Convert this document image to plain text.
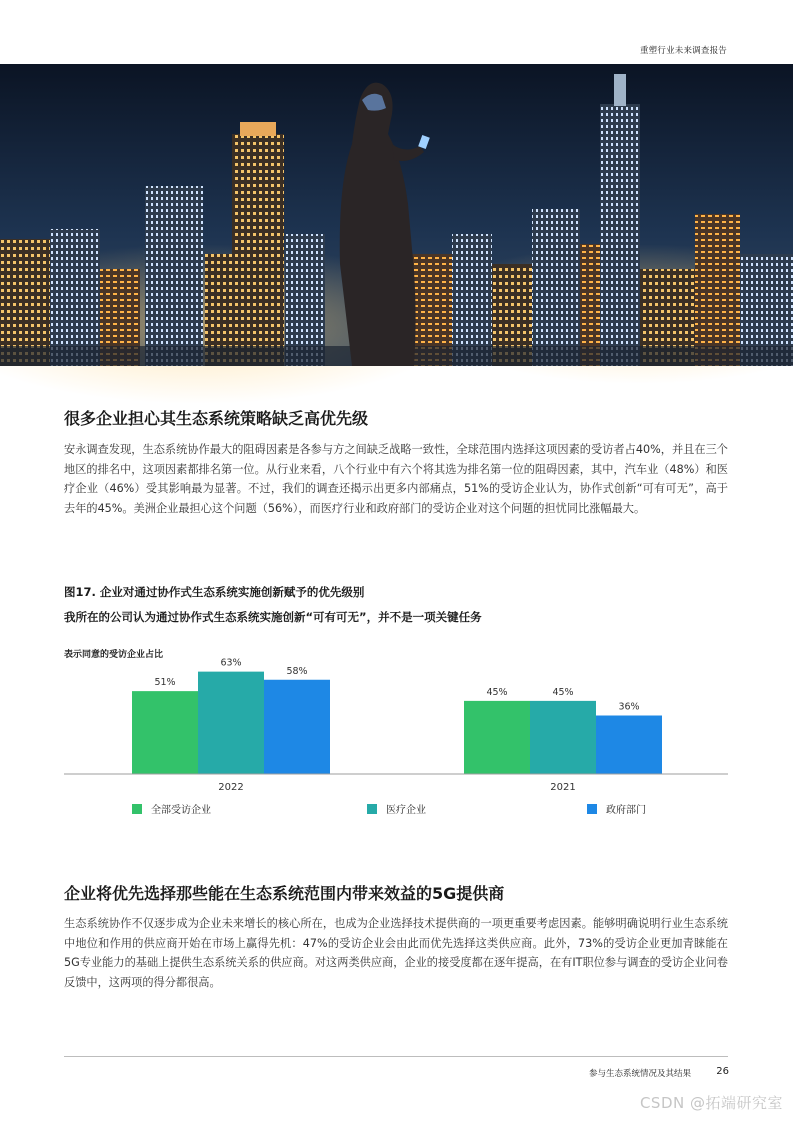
重塑行业未来调查报告
很多企业担心其生态系统策略缺乏高优先级

安永调查发现，生态系统协作最大的阻碍因素是各参与方之间缺乏战略一致性，全球范围内选择这项因素的受访者占40%，并且在三个地区的排名中，这项因素都排名第一位。从行业来看，八个行业中有六个将其选为排名第一位的阻碍因素，其中，汽车业（48%）和医疗企业（46%）受其影响最为显著。不过，我们的调查还揭示出更多内部痛点，51%的受访企业认为，协作式创新“可有可无”，高于去年的45%。美洲企业最担心这个问题（56%），而医疗行业和政府部门的受访企业对这个问题的担忧同比涨幅最大。

图17. 企业对通过协作式生态系统实施创新赋予的优先级别

我所在的公司认为通过协作式生态系统实施创新“可有可无”，并不是一项关键任务

表示同意的受访企业占比
51%
63%
58%
2022
45%	45%
36%
2021
全部受访企业	医疗企业	政府部门
企业将优先选择那些能在生态系统范围内带来效益的5G提供商

生态系统协作不仅逐步成为企业未来增长的核心所在，也成为企业选择技术提供商的一项更重要考虑因素。能够明确说明行业生态系统中地位和作用的供应商开始在市场上赢得先机：47%的受访企业会由此而优先选择这类供应商。此外，73%的受访企业更加青睐能在5G专业能力的基础上提供生态系统关系的供应商。对这两类供应商，企业的接受度都在逐年提高，在有IT职位参与调查的受访企业问卷反馈中，这两项的得分都很高。

参与生态系统情况及其结果	26
CSDN @拓端研究室
